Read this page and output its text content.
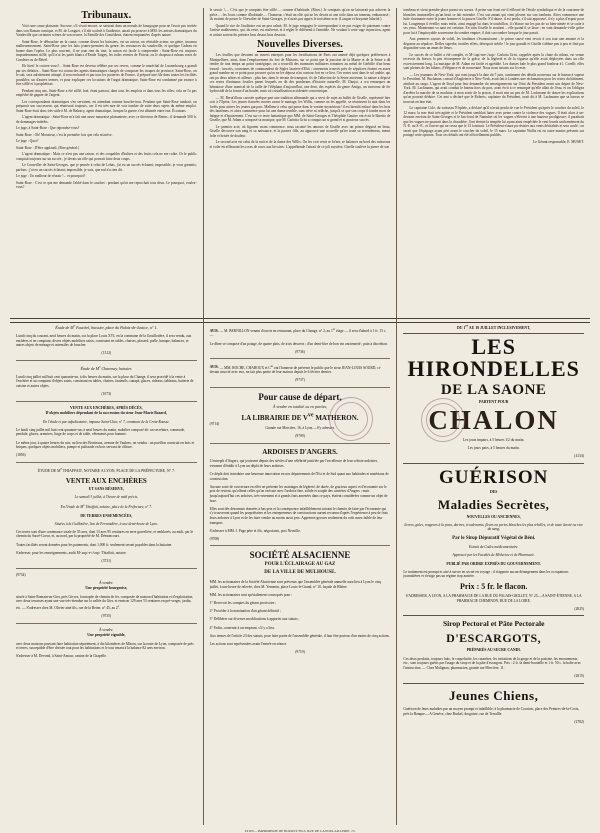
Tribunaux.

Voici une cause plaisante. Sucrose, s'il vivait encore, se saisirait dans un noeuds de bourgogne pour ne l'avoir pas invitée dans son Roman comique, et M. de Longuet, s'il eût sculoté à l'audience, aurait pu prouver à MM. les artistes dramatiques du Vaudeville que certaines scènes de son oeuvre, la Famille des Comédiens, étaient empiuntées d'après nature.

Saint-Rose, le déboucher en la cause, comme disent les huissiers, est un acteur, un véritable acteur, un génie, inconnu malheureusement. Saint-Rose joue les faits jeunes-premiers du genre; les ressources du vaudeville, et quelque Cadeau en bonne dans l'opéra. Le plus souvent, il ne joue rien du tout; la raison est facile à comprendre : Saint-Rose est toujours imprudemment sifflé, qu'il n'ai les patés blancs d'Emile Taigny, les toiles vernies de Picteur, ou le chapeau à rubans roses de Condrier ou de Rétrel.

Eh bien! le croirez-vous?... Saint-Rose est devenu célèbre par ses revers, comme le maréchal de Luxembourg a grandi par ses défaites... Saint-Rose est connu des agents dramatiques chargés de composer les troupes de province; Saint-Rose, on le sait, sera adroitement attrapé, il sera enchanté et par tous les parterres de France, il préparé une file dans toutes les facilités possibles; un d'autres termes, et pour expliquer ces locutions de l'argot dramatique, Saint-Rose est condamné par avance à être sifflé et à prophétiser.

Pendant cinq ans, Saint-Rose a été sifflé, hué, étant partout, dans tous les emplois et dans tous les rôles; cela ne l'a pas empêché de gagner de l'argent.

Les correspondants dramatiques s'en servaient, en attendant comme bouche-trou. Pendant que Saint-Rose tombait, on préparait son successeur, qui réunissait toujours, car il est très-rare de voir tomber de suite deux sujets du même emploi. Saint-Rose était donc très-utile à M. de Balzacy, agent dramatique, lorsque la guerre s'est allumée entre eux. Écoutons.

L'agent dramatique : Saint-Rose m'a fait une assez mauvaise plaisanterie, avec ce directeur de Reims ; il demande 500 fr. de dommages-intérêts.

Le juge, à Saint-Rose : Que répondez-vous?

Saint-Rose : Oh! Monsieur, c'est la première fois que cela m'arrive.

Le juge : Quoi?

Saint-Rose : D'être applaudi. (Rire général.)

L'agent dramatique : Mais ce n'est pas une raison, et des coupables d'huîtres et des fruits cela ne me coûte. Or le public comptait toujours sur un succès ; je devais un rôle qui pouvait faire deux coups.

Le Conseiller de Saint-Georges, que je pensée à celui de Lebas, j'ai eu un succès éclatant; impossible, je vous garantis; parlons ; j'ai eu un succès éclatant; impossible, je vais, que nul n'a rien dit.

Le juge : Un malheur de réussir !... et pourquoi?

Saint-Rose : C'est ce que me demande l'abbé dans le cauchet : pendant qu'on me reprochait tous deux. Le pourquoi, voulez-vous?

le savoir !..... C'est que je comptais être sifflé..... comme d'habitude. (Rires.) Je comptais qu'on ne laisserait pas achever la pièce..... les Jours comme d'habitude..... l'honneur, c'était un rôle qui ne les devais ni une toile dans un tonneau, embarrassé ; ils avaient de poster le Chevalier de Saint-Georges, je n'avais pas appris le troisième acte. (Longue et bruyante hilarité.)

Quand le rire de l'auditoire eut un peu calmé, M. le juge rengagea le correspondant à ne pas exiger de paiement contre l'artiste malheureux, qui, du reste, est malvenir, et à régler le différend à l'amiable. Ne voulant à cette sage injonction, agent et artiste sortent du prétoire bras dessus bras dessous.

Nouvelles Diverses.

Les feuilles que devaient un travers entrepris pour les fortifications de Paris ont amené déjà quelques préférences à Montpelliere, ainsi, dans l'emplacement du fort de Maisons, sur ce point que la jonction de la Marne et de la Seine a dû rendre de tout temps un point stratégique, on a recueilli des monnaies militaires romaines au métal de Gerbille d'un beau travail : inscrits, couronnes de commandent de Sigles lauriers-d'Ebii ; ornements trouvés près de sépulcres étaient en assez grand nombre en ce point pour prouver qu'on ne les déposa n'au contour fort en ce lieu. Ces restes sont dans le sol arable, qui ont pu deux arbres et ailleurs ; plus bas, dans le terrain de transport, ils de l'alluvion de la Seine ancienne, la nature a déposé ces restes d'animaux fossiles parmi lesquels on dit des ponderans d'histoire naturelle, M. Danjot, a cru remarquer un hématoxe d'une nomical de la taille de l'éléphant d'aujourd'hui, une dent, des espèces du genre Antigo, un morceau de fer hydroxidé de la forme d'un boulet, mais où cristallisation accidentée concentrique.

— M. Rerut'illons carosée quelque part une tradition allemande qui a servi de sujet au ballet de Giselle, représenté hier soir à l'Opéra. Les jeunes fiancées mortes avant le mariage, les Willis, comme on les appelle, se réunissent la nuit dans les forêts pour attirer les jeunes garçons. Malheur à celui qui passe dans le ventier mystérieux! il est bientôt enlacé dans les bras des fantômes, et alors commence pour lui une danse terrible, sans trêve ni relâche, jusqu'à ce que son corps il tombe mort de fatigue et d'épuisement. C'est sur ce texte fantastique que MM. de Saint-Georges et Théophile Gautier ont écrit le libretto de Giselle, que M. Adam a composé sa musique, que M. Carlotta Grisi a conquis un si grand et si gracieux succès.

Le premier acte, où figurent avant commence, nous raconté les amours de Giselle avec un prince déguisé en beau, Giselle découvre son rang et sa naissance, et la pauvre fille, au approuvé une nouvelle pa'ter toute sa revendeneus, meurt folie et brisée de douleur.

Le second acte est celui de la nuit et de la danse des Willis. On les voit venir se br'ner, se balancer au bord des ruisseaux et voler en effleurant les roses de roses aux bivoires. L'appréhende l'attrait de ce joli mystère, Giselle soulève la pierre de son

tombeau et vient prendre place parmi ses soeurs. A peine son front est-il effleuré de l'étoile symbolique et de la couronne de blanches immortelles qu'un bruit se fait entendre. C'est son amant qui vient pleurer sur son tombeau. Alors commence une lutte charmante entre la jeune homme et la pauvre Giselle. S'il danse, il est perdu, s'il sait approuvé, il n'y a plus d'espoir pour lui. Longtemps il éveille; mais enfin, ainsi engagé lui dans le tourbillon, il s'élance sur les pas de sa bien-aimée et se suite à ses yeux. Maintenant va naut est certaine. En vain Giselle le soutient – elle quand il se lasse ; en vain demande-t-elle grâce pour lui à l'impitoyable souveraine du sombre empire; il doit succomber lorsque le jour parait.

Aux premiers rayons de soleil, les fantômes s'évanouissent ; le prince sauvé vent revoir à son tour une amante et la disparue au sépulcre. Drôles superbe, inutiles effets, désespoir stérile ! le jour grandit et Giselle s'abîme peu à peu et finit par disparaître sous un amas de fleurs.

Le succès de ce ballet a été complet, et M<sup>me</sup> Carlotta Grisi, rappelée après la chute du rideau, est venue recevoir du bravos la peu récompense de la grâce, de la légèreté et de la vigueur qu'elle avait déployées dans un rôle excessivement long. La musique de M. Adam est facile et agréable. Les danses bale le plus grand bonheur à l. Corelli; elles sont pleines de feu kihanc, d'élégance et de nouveauté. Nous nous taisons sur le reste.

— Les journaux de New-York, qui vont jusqu'à la date du 7 juin, continuent des détails nouveaux sur le bateau à vapeur le President. M. Buchanan, consul d'Angleterre à New-York, avait fait à Londres une réclamation pour les restes du bâtiment, attribué au cargo. L'agent de lloyd pour leur demander du renseignements sur l'état du President avant son départ de New-York. M. Lackmann, qui avait conduit le bateau hors du port, avait écrit à ce remarqué qu'elle allait de l'eau, et on l'obligea d'arrêter la marche de sa machine, à mon sortir de la prison, il avait mis un peu de M. Lackmann de douze les explications qu'on pouvait déduire. Cet ami a déclaré que le Roberts, capitaine du Président, avait dit à M. Lackmann que sa barcus se trouvait en bon état.

Le capitaine Cole, du vaisseau l'Orphée, a déclaré qu'il n'avait perdu de vue le Président qu'après le coucher du soleil, le 12 mars; la mer était très-agitée et le Président semblait lutter avec peine contre la violence des vagues. Il était alors à un-devants environ de Saint-Georges et le bas-fond de Nantuket où les vagues s'élèvent à une hauteur prodigieuse; il paraîtrait que les vagues ne pourrait dans la chaudière, l'ont éteinte la tempête lui ayant ainsi empêchée le vent lourds uniformément du N.-E. au S.-E., et l'ouvre qui ne cessa que le 13 à minuit. Le Président n'aura pu résister aux vents déchaînés et sera coulé ; on serait que l'équipage ayant péri avant le coucher du soleil, le 15 mars. Le capitaine Wallis est en outre marins présents sur partagé cette opinion. Tous ces détails ont été officiellement publiés.

Le Gérant responsable, E. MUSET.

Étude de Me Fauchel, huissier, place du Palais-de-Justice, n° 1.

Lundi cinq du courant, neuf heures du matin, sur la place Louis XVI, en la commune de la Gouillotière, il sera vendu, aux enchères et en comptant, divers objets mobiliers saisis, consistant en tables, chaises, placard, poêle, banque, balances, et autres objets de ménage et ustensiles de boucher.

(1312)

Étude de Me Charenay, huissier.

Lundi cinq juillet mil huit cent quarante-un, à dix heures du matin, sur la place du Change, il sera procédé à la vente à l'enchère et au comptant d'objets saisis, consistant en tables, chaises, fauteuils, canapé, glaces, rideaux, tableaux, batterie de cuisine et autres objets.

(1073)

VENTE AUX ENCHÈRES, APRÈS DÉCÈS,
D'objets mobiliers dépendant de la succession du sieur Jean-Marie Bazard,

En l'étude et par adjudicataire, impasse Saint-Clair, n° 7, commune de la Croix-Rousse.

Le lundi cinq juillet mil huit cent quarante-un, à neuf heures du matin, mobilier composé de: un secrétaire, commode, pendule, glaces, armoires, linge de corps et de table, vêtements pour homme.

Le même jour, à quatre heures du soir, au lieu des Brotteaux, avenue de Vaulnes, on vendra : un pavillon construit en bois et briques, quelques objets mobiliers, pompe et palissade en bois servant de clôture.

(1856)

ÉTUDE DE Me THIAFFAIT, NOTAIRE A LYON, PLACE DE LA PRÉFECTURE, N° 7.
VENTE AUX ENCHÈRES
ET SANS RÉSERVE,

Le samedi 3 juillet, à l'heure de midi précis,

En l'étude de Me Thiaffait, notaire, place de la Préfecture, n° 7.

DE TERRES ENSEMENCÉES,

Situées à la Guillotière, lieu de Fervandière, à une demi-heure de Lyon.

Ces terres sont d'une contenance totale de 55 ares, dont 13 ares 95 centiares en terre gravelière, et emblavés, au midi, par le chemin du Sacré-Coeur, et, au nord, par la propriété de M. Démoncourt.

Toutes facilités seront données pour les paiements, dont 1,000 fr. seulement seront payables dans la huitaine.

S'adresser, pour les renseignements, audit M<sup>e</sup> Thiaffait, notaire.

(3731)

(9734)

À vendre.
Une propriété bourgeoise,

située à Saint-Romain-au-Gier, près Givors, fontrophe de chemin de fer, composée de maison d'habitation et d'exploitation, avec deux terrasses ayant une vue très-étendue sur la vallée du Gier, et environ 129 ares 53 centiares en pré-verger, jardin, etc. — S'adresser chez M. Olivier ainé fils, rue de la Reine, n° 45, au 2e.

(9735)

À vendre.
Une propriété vignoble,

avec deux maisons pouvant faire habitation séparément, à dix kilomètres de Mâcon, sur la route de Lyon, composée de prés et terres, susceptible d'être divisée tout pour les habitations et le tout tenant à la balance 82 ares environ.

S'adresser à M. Devond, à Saint-Amour, canton de la Chapelle.

AVIS. — M. BERNILLON venant d'ouvrir en restaurant, place du Change, n° 2, au 1er étage — il sera d'abord à 1 fr. 15 c. —

Le dîner se compose d'un potage, de quatre plats, de trois desserts ; d'un demi-litre de bon vin ancienneté ; pain à discrétion.

(9736)

AVIS. — MM. ROCHE, CHABOUX et $C^{ie}$ ont l'honneur de prévenir le public que le sieur JEAN-LOUIS SOURD, ci-devant associé avec eux, ne fait plus partie de leur maison depuis le 6 février dernier.

(9737)

Pour cause de départ,
À vendre en totalité ou en parties,
LA LIBRAIRIE DE $V^{ve}$ MATHERON.

Grande rue Mercière, 16, à Lyon.—S'y adresser.

(9709)

(9714)

ARDOISES D'ANGERS.

L'entrepôt d'Angers, qui jouissent depuis des siècles d'une célébrité justifiée par l'excellence de leur schiste ardoisier, viennent d'établir à Lyon un dépôt de leurs ardoises.

Ce dépôt doit introduire une heureuse innovation en nos départements de l'Est et de Sud quant aux habitudes et matériaux de construction.

Ancune sorte de couverture en effet ne présente les avantages de légèreté, de durée, de gracieux aspect et d'économie sur le prix de revient, qu'offrent celles qu'on exécute avec l'ardoise fine, solide et souple des carrières d'Angers ; mais jusqu'aujourd'hui ces ardoises, très-ravement et à grands frais amenées dans ce pays, étaient considérées comme un objet de luxe.

Elles sont dès désormais données à bas prix et la conséquence infailliblement suivant le chemin de faire par l'économie qui s'y trouveront quand les propriétaires et les entrepreneurs de constructions auront reconnu d'après l'expérience à peu de frais leurs ardoises à Lyon et de les faire vendre au moins aussi prix. Apprenez-grosses seulement du coût assez faible de leur transport.

S'adresser à MM. J. Page père et fils, négociants, port Neuville.

(9708)

SOCIÉTÉ ALSACIENNE
POUR L'ÉCLAIRAGE AU GAZ
DE LA VILLE DE MULHOUSE.

MM. les actionnaires de la Société Alsacienne sont prévenus que l'assemblée générale annuelle aura lieu à Lyon le cinq juillet, à une heure de relevée, chez M. Yemenin, place Louis-le-Grand, n° 10, façade de Rhône.

MM. les actionnaires sont spécialement convoqués pour :

1° Recevoir les comptes du gérant provisoire ;

2° Procéder à la nomination d'un gérant définitif ;

3° Délibérer sur diverses modifications à apporter aux statuts ;

4° Enfin, consentir à un emprunt, s'il y a lieu.

Aux termes de l'article 23 des statuts, pour faire partie de l'assemblée générale, il faut être porteur d'un moins de cinq actions.

Les actions sont représentées avant l'entrée en séance.

(9719)

DU 1er AU 10 JUILLET INCLUSIVEMENT,
LES HIRONDELLES
DE LA SAONE
PARTENT POUR
CHALON

Les jours impairs, à 5 heures 1/2 du matin.

Les jours pairs, à 5 heures du matin.

(4134)

GUÉRISON
DES
Maladies Secrètes,
NOUVELLES OU ANCIENNES,

lierres, gales, rougeurs à la peau, dartres, écoulements, fleurs ou pertes blanches les plus rebelles, et de toute âcreté ou vice du sang,

Par le Sirop Dépuratif Végétal de Béni.

Extrait du Codex médicamentaire.

Approuvé par les Facultés de Médecine et de Pharmacie.

PUBLIÉ PAR ORDRE EXPRÈS DU GOUVERNEMENT.

Le traitement est prompt et aisé à suivre en secret en voyage ; il n'apporte aucun dérangement dans les occupations journalières et n'exige pas un régime trop austère.

Prix : 5 fr. le flacon.

S'ADRESSER, A LYON, A LA PHARMACIE DE LA RUE DU PALAIS-GRILLET, N° 25.—A SAINT-ÉTIENNE, A LA PHARMACIE CHEMINON, RUE DE LA LOIRE.

(2825)

Sirop Pectoral et Pâte Pectorale
D'ESCARGOTS,
PRÉPARÉS AU SUCRE CANDI.

Ces deux produits, toujours faits, le coqueluche, les catarrhes, les irritations de la gorge et de la poitrine, les enrouements, etc., sont toujours guéris par l'usage du sirop et de la pâte d'escargots. Prix : 2 fr. la demi-bouteille et 1 fr. 50 c. la boîte avec l'instruction. — Chez Malignon, pharmacien, grande rue Mercière, 11.

(2815)

Jeunes Chiens,

Guérison de leurs maladies par un moyen prompt et infaillible; à la pharmacie de Courtois, place des Peintres-de-la-Croix, près la Banque.—A Genève, chez Burkel, droguiste, rue de Terrallle.

(2782)

LYON.—IMPRIMERIE DE BOURSY FILS, RUE DE LA POULAILLERIE, 15.
